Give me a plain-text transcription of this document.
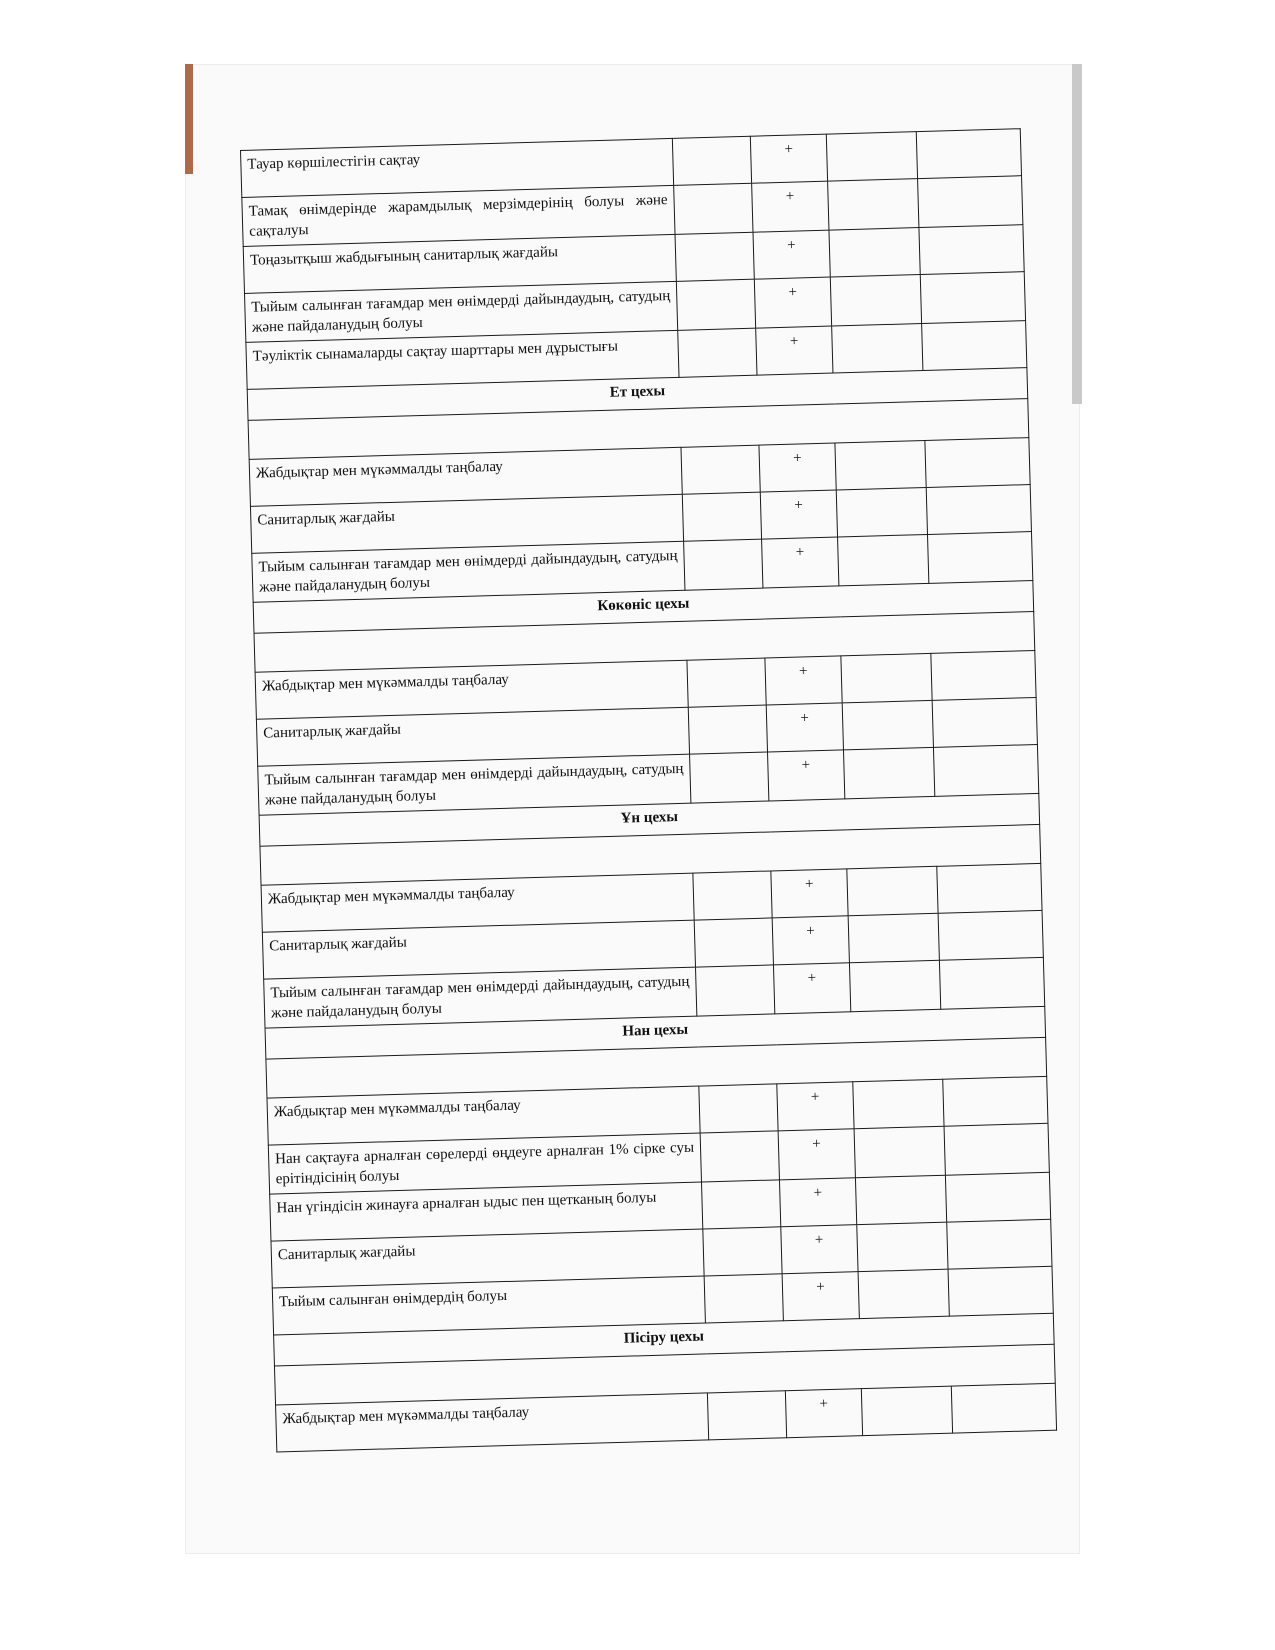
Тауар көршілестігін сақтау		+		
Тамақ өнімдерінде жарамдылық мерзімдерінің болуы және сақталуы		+		
Тоңазытқыш жабдығының санитарлық жағдайы		+		
Тыйым салынған тағамдар мен өнімдерді дайындаудың, сатудың және пайдаланудың болуы		+		
Тәуліктік сынамаларды сақтау шарттары мен дұрыстығы		+		
Ет цехы				

Жабдықтар мен мүкәммалды таңбалау		+		
Санитарлық жағдайы		+		
Тыйым салынған тағамдар мен өнімдерді дайындаудың, сатудың және пайдаланудың болуы		+		
Көкөніс цехы				

Жабдықтар мен мүкәммалды таңбалау		+		
Санитарлық жағдайы		+		
Тыйым салынған тағамдар мен өнімдерді дайындаудың, сатудың және пайдаланудың болуы		+		
Ұн цехы				

Жабдықтар мен мүкәммалды таңбалау		+		
Санитарлық жағдайы		+		
Тыйым салынған тағамдар мен өнімдерді дайындаудың, сатудың және пайдаланудың болуы		+		
Нан цехы				

Жабдықтар мен мүкәммалды таңбалау		+		
Нан сақтауға арналған сөрелерді өңдеуге арналған 1% сірке суы ерітіндісінің болуы		+		
Нан үгіндісін жинауға арналған ыдыс пен щетканың болуы		+		
Санитарлық жағдайы		+		
Тыйым салынған өнімдердің болуы		+		
Пісіру цехы				

Жабдықтар мен мүкәммалды таңбалау		+		
